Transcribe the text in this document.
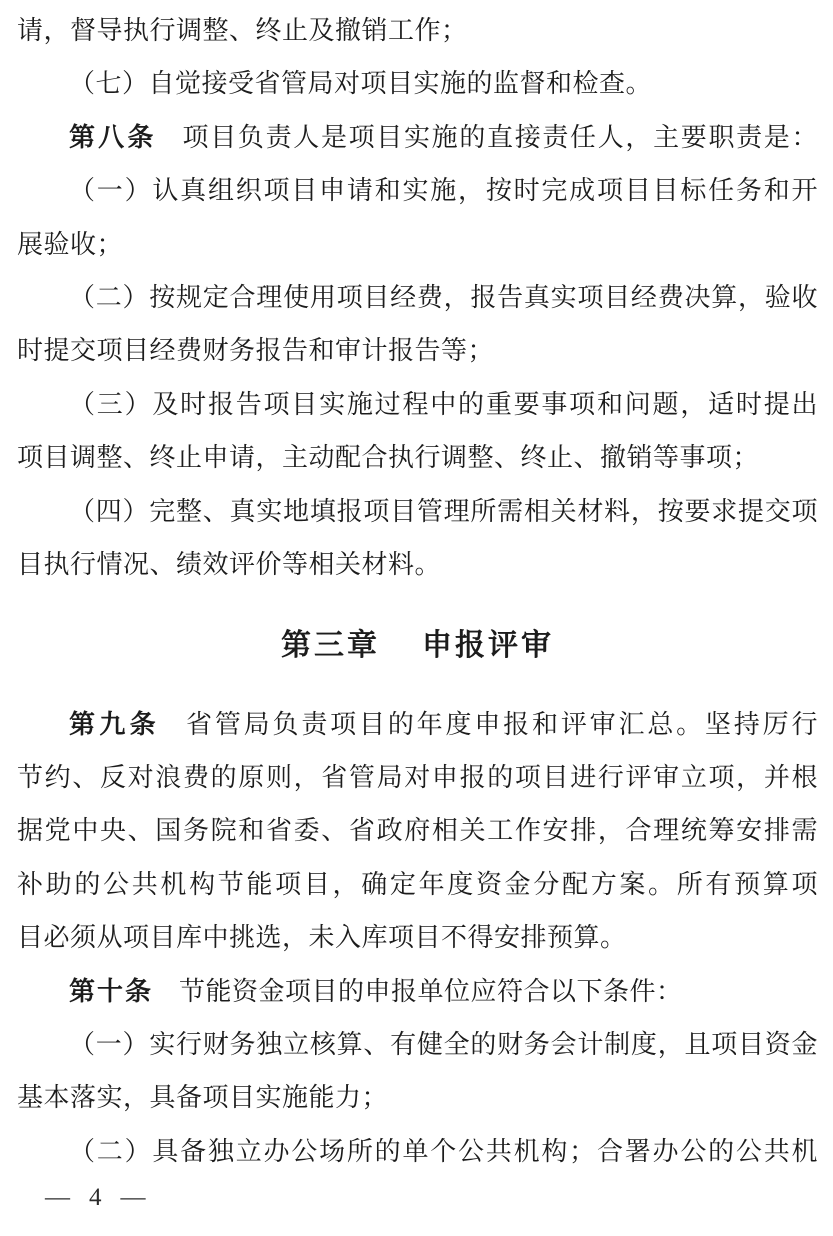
请，督导执行调整、终止及撤销工作；
（七）自觉接受省管局对项目实施的监督和检查。
第八条 项目负责人是项目实施的直接责任人，主要职责是：
（一）认真组织项目申请和实施，按时完成项目目标任务和开
展验收；
（二）按规定合理使用项目经费，报告真实项目经费决算，验收
时提交项目经费财务报告和审计报告等；
（三）及时报告项目实施过程中的重要事项和问题，适时提出
项目调整、终止申请，主动配合执行调整、终止、撤销等事项；
（四）完整、真实地填报项目管理所需相关材料，按要求提交项
目执行情况、绩效评价等相关材料。
第三章 申报评审
第九条 省管局负责项目的年度申报和评审汇总。坚持厉行
节约、反对浪费的原则，省管局对申报的项目进行评审立项，并根
据党中央、国务院和省委、省政府相关工作安排，合理统筹安排需
补助的公共机构节能项目，确定年度资金分配方案。所有预算项
目必须从项目库中挑选，未入库项目不得安排预算。
第十条 节能资金项目的申报单位应符合以下条件：
（一）实行财务独立核算、有健全的财务会计制度，且项目资金
基本落实，具备项目实施能力；
（二）具备独立办公场所的单个公共机构；合署办公的公共机
— 4 —
